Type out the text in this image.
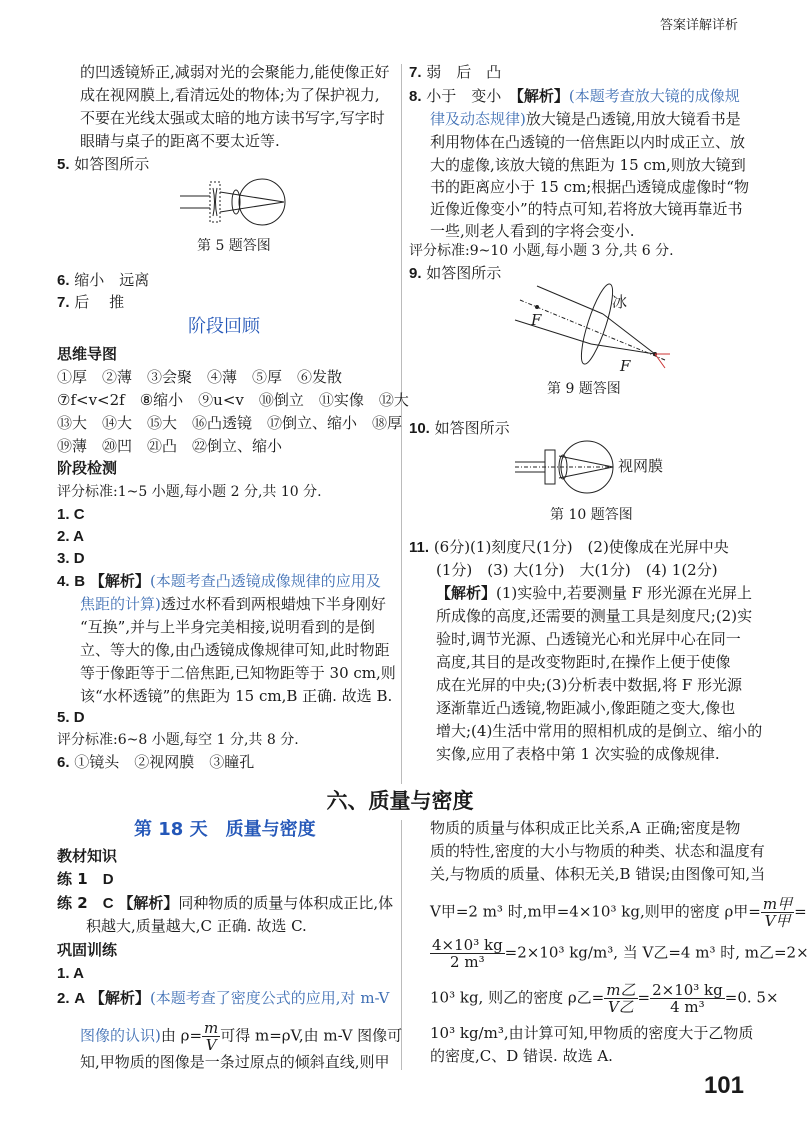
答案详解详析
的凹透镜矫正,减弱对光的会聚能力,能使像正好
成在视网膜上,看清远处的物体;为了保护视力,
不要在光线太强或太暗的地方读书写字,写字时
眼睛与桌子的距离不要太近等.
5. 如答图所示
第 5 题答图
6. 缩小　远离
7. 后　 推
阶段回顾
思维导图
①厚　②薄　③会聚　④薄　⑤厚　⑥发散
⑦f<v<2f　⑧缩小　⑨u<v　⑩倒立　⑪实像　⑫大
⑬大　⑭大　⑮大　⑯凸透镜　⑰倒立、缩小　⑱厚
⑲薄　⑳凹　㉑凸　㉒倒立、缩小
阶段检测
评分标准:1~5 小题,每小题 2 分,共 10 分.
1. C
2. A
3. D
4. B 【解析】(本题考查凸透镜成像规律的应用及
焦距的计算)透过水杯看到两根蜡烛下半身刚好
“互换”,并与上半身完美相接,说明看到的是倒
立、等大的像,由凸透镜成像规律可知,此时物距
等于像距等于二倍焦距,已知物距等于 30 cm,则
该“水杯透镜”的焦距为 15 cm,B 正确. 故选 B.
5. D
评分标准:6~8 小题,每空 1 分,共 8 分.
6. ①镜头　②视网膜　③瞳孔
六、质量与密度
第 18 天　质量与密度
教材知识
练 1　 D
练 2　 C 【解析】同种物质的质量与体积成正比,体
积越大,质量越大,C 正确. 故选 C.
巩固训练
1. A
2. A 【解析】(本题考查了密度公式的应用,对 m-V
图像的认识)由 $\rho= \frac{m}{V}$ 可得 m=ρV,由 m-V 图像可
知,甲物质的图像是一条过原点的倾斜直线,则甲
7. 弱　后　凸
8. 小于　变小　 【解析】(本题考查放大镜的成像规
律及动态规律)放大镜是凸透镜,用放大镜看书是
利用物体在凸透镜的一倍焦距以内时成正立、放
大的虚像,该放大镜的焦距为 15 cm,则放大镜到
书的距离应小于 15 cm;根据凸透镜成虚像时“物
近像近像变小”的特点可知,若将放大镜再靠近书
一些,则老人看到的字将会变小.
评分标准:9~10 小题,每小题 3 分,共 6 分.
9. 如答图所示
冰
F
F
第 9 题答图
10. 如答图所示
视网膜
第 10 题答图
11. (6分)(1)刻度尺(1分)　(2)使像成在光屏中央
(1分)　(3) 大(1分)　大(1分)　(4) 1(2分)
【解析】(1)实验中,若要测量 F 形光源在光屏上
所成像的高度,还需要的测量工具是刻度尺;(2)实
验时,调节光源、凸透镜光心和光屏中心在同一
高度,其目的是改变物距时,在操作上便于使像
成在光屏的中央;(3)分析表中数据,将 F 形光源
逐渐靠近凸透镜,物距减小,像距随之变大,像也
增大;(4)生活中常用的照相机成的是倒立、缩小的
实像,应用了表格中第 1 次实验的成像规律.
物质的质量与体积成正比关系,A 正确;密度是物
质的特性,密度的大小与物质的种类、状态和温度有
关,与物质的质量、体积无关,B 错误;由图像可知,当
V甲=2 m³ 时,m甲=4×10³ kg,则甲的密度 ρ甲= $\frac{\text{m甲}}{\text{V甲}}$ =
$\frac{\text{4×10³ kg}}{\text{2 m³}} =2\times 10^3$ kg/m³, 当 V乙=4 m³ 时, m乙=2×
10³ kg, 则乙的密度 ρ乙= $\frac{\text{m乙}}{\text{V乙}} = \frac{\text{2×10³ kg}}{\text{4 m³}} =0$. 5×
10³ kg/m³,由计算可知,甲物质的密度大于乙物质
的密度,C、D 错误. 故选 A.
101
